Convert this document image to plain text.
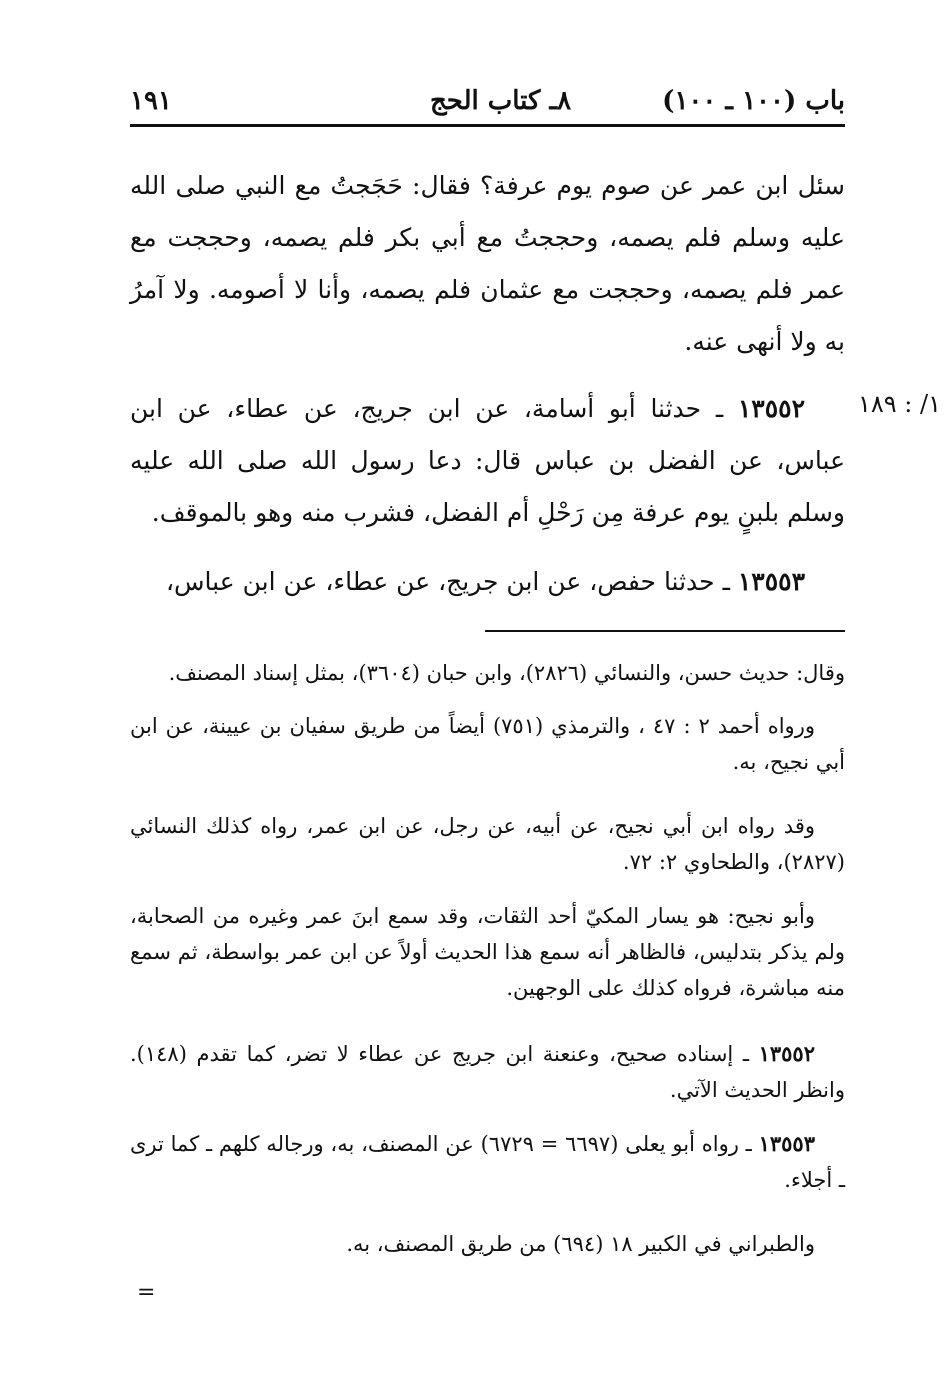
باب (١٠٠ ـ ١٠٠)
٨ـ كتاب الحج
١٩١
١/ : ١٨٩
سئل ابن عمر عن صوم يوم عرفة؟ فقال: حَجَجتُ مع النبي صلى الله عليه وسلم فلم يصمه، وحججتُ مع أبي بكر فلم يصمه، وحججت مع عمر فلم يصمه، وحججت مع عثمان فلم يصمه، وأنا لا أصومه. ولا آمرُ به ولا أنهى عنه.
١٣٥٥٢ ـ حدثنا أبو أسامة، عن ابن جريج، عن عطاء، عن ابن عباس، عن الفضل بن عباس قال: دعا رسول الله صلى الله عليه وسلم بلبنٍ يوم عرفة مِن رَحْلِ أم الفضل، فشرب منه وهو بالموقف.
١٣٥٥٣ ـ حدثنا حفص، عن ابن جريج، عن عطاء، عن ابن عباس،
وقال: حديث حسن، والنسائي (٢٨٢٦)، وابن حبان (٣٦٠٤)، بمثل إسناد المصنف.
ورواه أحمد ٢ : ٤٧ ، والترمذي (٧٥١) أيضاً من طريق سفيان بن عيينة، عن ابن أبي نجيح، به.
وقد رواه ابن أبي نجيح، عن أبيه، عن رجل، عن ابن عمر، رواه كذلك النسائي (٢٨٢٧)، والطحاوي ٢: ٧٢.
وأبو نجيح: هو يسار المكيّ أحد الثقات، وقد سمع ابنَ عمر وغيره من الصحابة، ولم يذكر بتدليس، فالظاهر أنه سمع هذا الحديث أولاً عن ابن عمر بواسطة، ثم سمع منه مباشرة، فرواه كذلك على الوجهين.
١٣٥٥٢ ـ إسناده صحيح، وعنعنة ابن جريج عن عطاء لا تضر، كما تقدم (١٤٨). وانظر الحديث الآتي.
١٣٥٥٣ ـ رواه أبو يعلى (٦٦٩٧ = ٦٧٢٩) عن المصنف، به، ورجاله كلهم ـ كما ترى ـ أجلاء.
والطبراني في الكبير ١٨ (٦٩٤) من طريق المصنف، به.
=
